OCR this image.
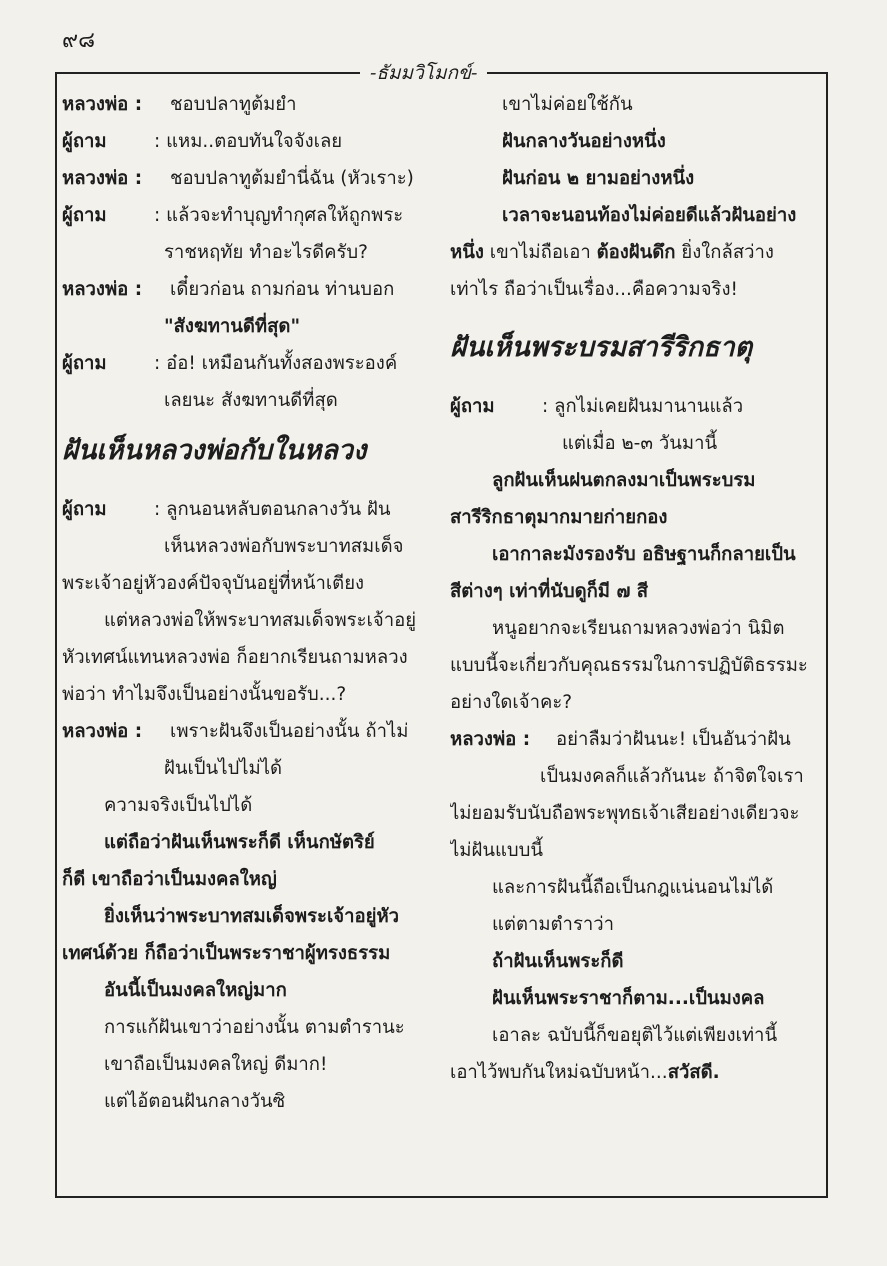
๙๘
- ธัมมวิโมกข์ -
หลวงพ่อ : ชอบปลาทูต้มยำ
ผู้ถาม	: แหม..ตอบทันใจจังเลย
หลวงพ่อ : ชอบปลาทูต้มยำนี่ฉัน (หัวเราะ)
ผู้ถาม	: แล้วจะทำบุญทำกุศลให้ถูกพระ
ราชหฤทัย ทำอะไรดีครับ?
หลวงพ่อ : เดี๋ยวก่อน ถามก่อน ท่านบอก
"สังฆทานดีที่สุด"
ผู้ถาม	: อ๋อ! เหมือนกันทั้งสองพระองค์
เลยนะ สังฆทานดีที่สุด
ฝันเห็นหลวงพ่อกับในหลวง
ผู้ถาม	: ลูกนอนหลับตอนกลางวัน ฝัน
เห็นหลวงพ่อกับพระบาทสมเด็จ
พระเจ้าอยู่หัวองค์ปัจจุบันอยู่ที่หน้าเตียง
แต่หลวงพ่อให้พระบาทสมเด็จพระเจ้าอยู่
หัวเทศน์แทนหลวงพ่อ ก็อยากเรียนถามหลวง
พ่อว่า ทำไมจึงเป็นอย่างนั้นขอรับ...?
หลวงพ่อ : เพราะฝันจึงเป็นอย่างนั้น ถ้าไม่
ฝันเป็นไปไม่ได้
ความจริงเป็นไปได้
แต่ถือว่าฝันเห็นพระก็ดี เห็นกษัตริย์
ก็ดี เขาถือว่าเป็นมงคลใหญ่
ยิ่งเห็นว่าพระบาทสมเด็จพระเจ้าอยู่หัว
เทศน์ด้วย ก็ถือว่าเป็นพระราชาผู้ทรงธรรม
อันนี้เป็นมงคลใหญ่มาก
การแก้ฝันเขาว่าอย่างนั้น ตามตำรานะ
เขาถือเป็นมงคลใหญ่ ดีมาก!
แต่ไอ้ตอนฝันกลางวันซิ
เขาไม่ค่อยใช้กัน
ฝันกลางวันอย่างหนึ่ง
ฝันก่อน ๒ ยามอย่างหนึ่ง
เวลาจะนอนท้องไม่ค่อยดีแล้วฝันอย่าง
หนึ่ง เขาไม่ถือเอา ต้องฝันดึก ยิ่งใกล้สว่าง
เท่าไร ถือว่าเป็นเรื่อง...คือความจริง!
ฝันเห็นพระบรมสารีริกธาตุ
ผู้ถาม	: ลูกไม่เคยฝันมานานแล้ว
แต่เมื่อ ๒-๓ วันมานี้
ลูกฝันเห็นฝนตกลงมาเป็นพระบรม
สารีริกธาตุมากมายก่ายกอง
เอากาละมังรองรับ อธิษฐานก็กลายเป็น
สีต่างๆ เท่าที่นับดูก็มี ๗ สี
หนูอยากจะเรียนถามหลวงพ่อว่า นิมิต
แบบนี้จะเกี่ยวกับคุณธรรมในการปฏิบัติธรรมะ
อย่างใดเจ้าคะ?
หลวงพ่อ : อย่าลืมว่าฝันนะ! เป็นอันว่าฝัน
เป็นมงคลก็แล้วกันนะ ถ้าจิตใจเรา
ไม่ยอมรับนับถือพระพุทธเจ้าเสียอย่างเดียวจะ
ไม่ฝันแบบนี้
และการฝันนี้ถือเป็นกฎแน่นอนไม่ได้
แต่ตามตำราว่า
ถ้าฝันเห็นพระก็ดี
ฝันเห็นพระราชาก็ตาม...เป็นมงคล
เอาละ ฉบับนี้ก็ขอยุติไว้แต่เพียงเท่านี้
เอาไว้พบกันใหม่ฉบับหน้า...สวัสดี.
